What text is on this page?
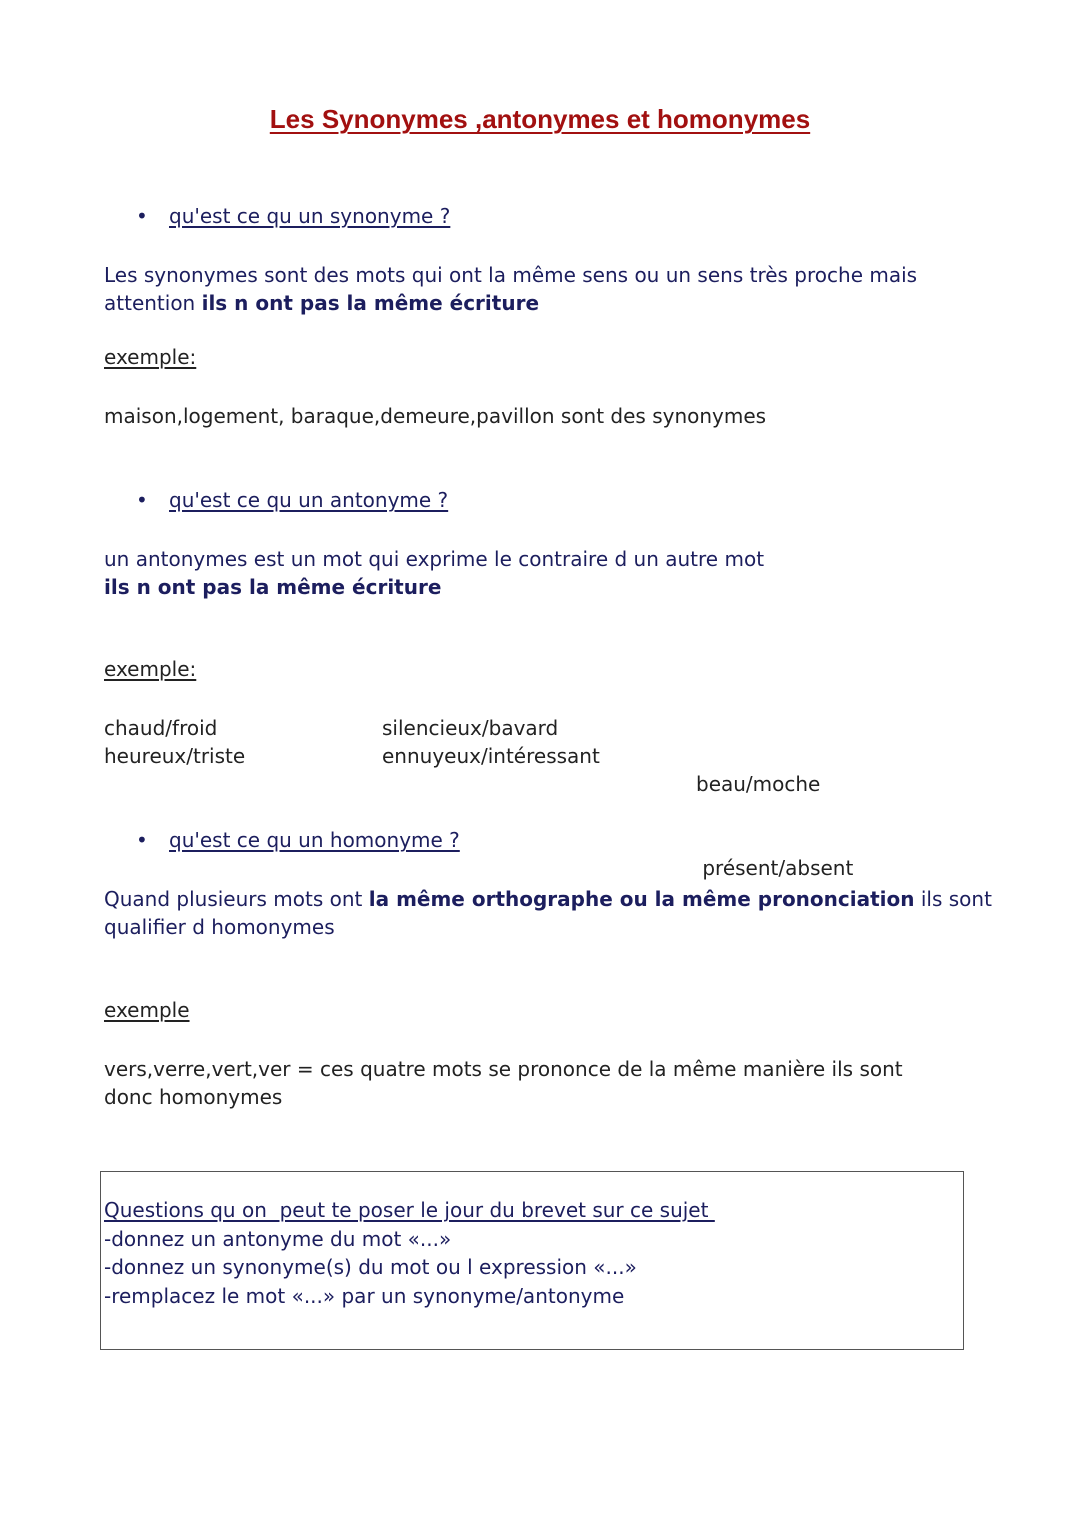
Les Synonymes ,antonymes et homonymes
• qu'est ce qu un synonyme ?
Les synonymes sont des mots qui ont la même sens ou un sens très proche mais
attention ils n ont pas la même écriture
exemple:
maison,logement, baraque,demeure,pavillon sont des synonymes
• qu'est ce qu un antonyme ?
un antonymes est un mot qui exprime le contraire d un autre mot
ils n ont pas la même écriture
exemple:
chaud/froid
heureux/triste
silencieux/bavard
ennuyeux/intéressant

beau/moche

présent/absent

• qu'est ce qu un homonyme ?
Quand plusieurs mots ont la même orthographe ou la même prononciation ils sont
qualifier d homonymes
exemple
vers,verre,vert,ver = ces quatre mots se prononce de la même manière ils sont
donc homonymes
Questions qu on  peut te poser le jour du brevet sur ce sujet
-donnez un antonyme du mot «...»
-donnez un synonyme(s) du mot ou l expression «...»
-remplacez le mot «...» par un synonyme/antonyme
